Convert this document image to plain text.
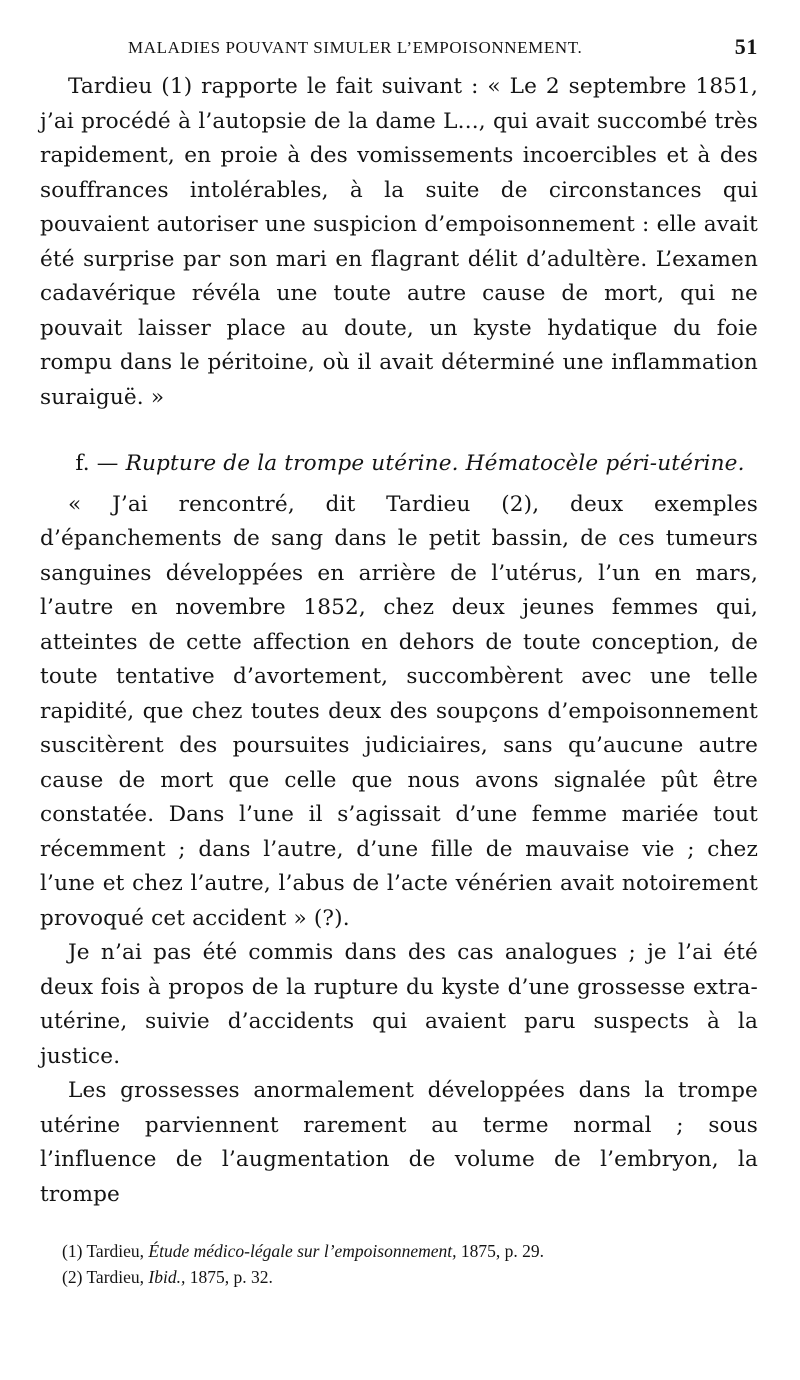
MALADIES POUVANT SIMULER L’EMPOISONNEMENT.	51

Tardieu (1) rapporte le fait suivant : « Le 2 septembre 1851, j’ai procédé à l’autopsie de la dame L..., qui avait succombé très rapidement, en proie à des vomissements incoercibles et à des souffrances intolérables, à la suite de circonstances qui pouvaient autoriser une suspicion d’empoisonnement : elle avait été surprise par son mari en flagrant délit d’adultère. L’examen cadavérique révéla une toute autre cause de mort, qui ne pouvait laisser place au doute, un kyste hydatique du foie rompu dans le péritoine, où il avait déterminé une inflammation suraiguë. »

f. — Rupture de la trompe utérine. Hématocèle péri-utérine.

« J’ai rencontré, dit Tardieu (2), deux exemples d’épanchements de sang dans le petit bassin, de ces tumeurs sanguines développées en arrière de l’utérus, l’un en mars, l’autre en novembre 1852, chez deux jeunes femmes qui, atteintes de cette affection en dehors de toute conception, de toute tentative d’avortement, succombèrent avec une telle rapidité, que chez toutes deux des soupçons d’empoisonnement suscitèrent des poursuites judiciaires, sans qu’aucune autre cause de mort que celle que nous avons signalée pût être constatée. Dans l’une il s’agissait d’une femme mariée tout récemment ; dans l’autre, d’une fille de mauvaise vie ; chez l’une et chez l’autre, l’abus de l’acte vénérien avait notoirement provoqué cet accident » (?).

Je n’ai pas été commis dans des cas analogues ; je l’ai été deux fois à propos de la rupture du kyste d’une grossesse extra-utérine, suivie d’accidents qui avaient paru suspects à la justice.

Les grossesses anormalement développées dans la trompe utérine parviennent rarement au terme normal ; sous l’influence de l’augmentation de volume de l’embryon, la trompe

(1) Tardieu, Étude médico-légale sur l’empoisonnement, 1875, p. 29.
(2) Tardieu, Ibid., 1875, p. 32.
